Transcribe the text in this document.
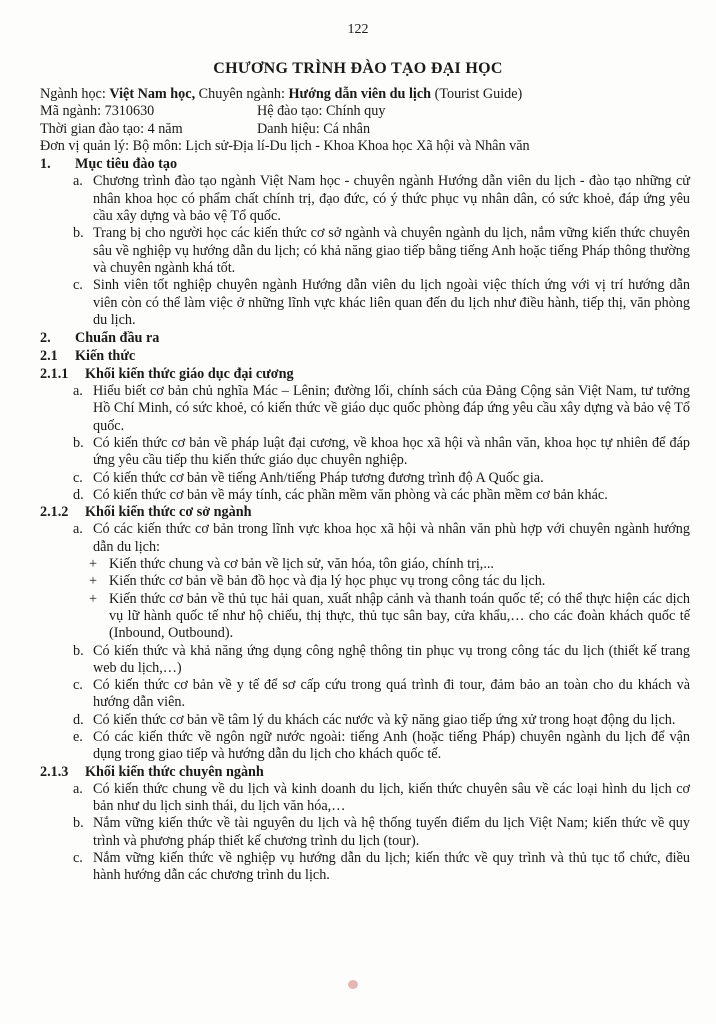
122
CHƯƠNG TRÌNH ĐÀO TẠO ĐẠI HỌC
Ngành học: Việt Nam học, Chuyên ngành: Hướng dẫn viên du lịch (Tourist Guide)
Mã ngành: 7310630	Hệ đào tạo: Chính quy
Thời gian đào tạo: 4 năm	Danh hiệu: Cá nhân
Đơn vị quản lý: Bộ môn: Lịch sử-Địa lí-Du lịch - Khoa Khoa học Xã hội và Nhân văn
1.	Mục tiêu đào tạo
a. Chương trình đào tạo ngành Việt Nam học - chuyên ngành Hướng dẫn viên du lịch - đào tạo những cử nhân khoa học có phẩm chất chính trị, đạo đức, có ý thức phục vụ nhân dân, có sức khoẻ, đáp ứng yêu cầu xây dựng và bảo vệ Tổ quốc.
b. Trang bị cho người học các kiến thức cơ sở ngành và chuyên ngành du lịch, nắm vững kiến thức chuyên sâu về nghiệp vụ hướng dẫn du lịch; có khả năng giao tiếp bằng tiếng Anh hoặc tiếng Pháp thông thường và chuyên ngành khá tốt.
c. Sinh viên tốt nghiệp chuyên ngành Hướng dẫn viên du lịch ngoài việc thích ứng với vị trí hướng dẫn viên còn có thể làm việc ở những lĩnh vực khác liên quan đến du lịch như điều hành, tiếp thị, văn phòng du lịch.
2.	Chuẩn đầu ra
2.1	Kiến thức
2.1.1	Khối kiến thức giáo dục đại cương
a. Hiểu biết cơ bản chủ nghĩa Mác – Lênin; đường lối, chính sách của Đảng Cộng sản Việt Nam, tư tưởng Hồ Chí Minh, có sức khoẻ, có kiến thức về giáo dục quốc phòng đáp ứng yêu cầu xây dựng và bảo vệ Tổ quốc.
b. Có kiến thức cơ bản về pháp luật đại cương, về khoa học xã hội và nhân văn, khoa học tự nhiên để đáp ứng yêu cầu tiếp thu kiến thức giáo dục chuyên nghiệp.
c. Có kiến thức cơ bản về tiếng Anh/tiếng Pháp tương đương trình độ A Quốc gia.
d. Có kiến thức cơ bản về máy tính, các phần mềm văn phòng và các phần mềm cơ bản khác.
2.1.2	Khối kiến thức cơ sở ngành
a. Có các kiến thức cơ bản trong lĩnh vực khoa học xã hội và nhân văn phù hợp với chuyên ngành hướng dẫn du lịch:
+ Kiến thức chung và cơ bản về lịch sử, văn hóa, tôn giáo, chính trị,...
+ Kiến thức cơ bản về bản đồ học và địa lý học phục vụ trong công tác du lịch.
+ Kiến thức cơ bản về thủ tục hải quan, xuất nhập cảnh và thanh toán quốc tế; có thể thực hiện các dịch vụ lữ hành quốc tế như hộ chiếu, thị thực, thủ tục sân bay, cửa khẩu,… cho các đoàn khách quốc tế (Inbound, Outbound).
b. Có kiến thức và khả năng ứng dụng công nghệ thông tin phục vụ trong công tác du lịch (thiết kế trang web du lịch,…)
c. Có kiến thức cơ bản về y tế để sơ cấp cứu trong quá trình đi tour, đảm bảo an toàn cho du khách và hướng dẫn viên.
d. Có kiến thức cơ bản về tâm lý du khách các nước và kỹ năng giao tiếp ứng xử trong hoạt động du lịch.
e. Có các kiến thức về ngôn ngữ nước ngoài: tiếng Anh (hoặc tiếng Pháp) chuyên ngành du lịch để vận dụng trong giao tiếp và hướng dẫn du lịch cho khách quốc tế.
2.1.3	Khối kiến thức chuyên ngành
a. Có kiến thức chung về du lịch và kinh doanh du lịch, kiến thức chuyên sâu về các loại hình du lịch cơ bản như du lịch sinh thái, du lịch văn hóa,…
b. Nắm vững kiến thức về tài nguyên du lịch và hệ thống tuyến điểm du lịch Việt Nam; kiến thức về quy trình và phương pháp thiết kế chương trình du lịch (tour).
c. Nắm vững kiến thức về nghiệp vụ hướng dẫn du lịch; kiến thức về quy trình và thủ tục tổ chức, điều hành hướng dẫn các chương trình du lịch.
